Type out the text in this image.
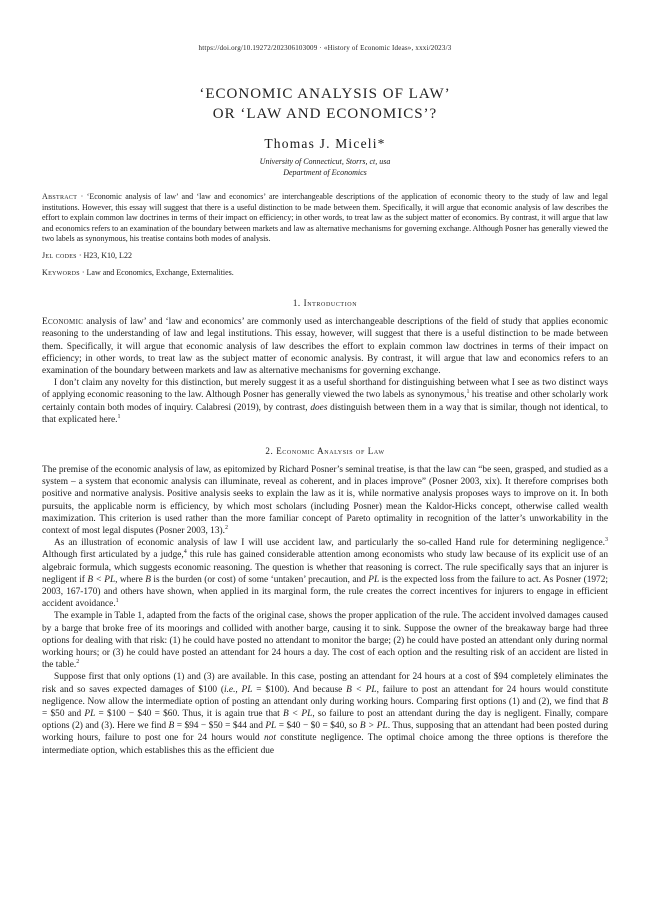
https://doi.org/10.19272/202306103009 · «History of Economic Ideas», xxxi/2023/3
‘ECONOMIC ANALYSIS OF LAW’
OR ‘LAW AND ECONOMICS’?
Thomas J. Miceli*
University of Connecticut, Storrs, ct, usa
Department of Economics
Abstract · ‘Economic analysis of law’ and ‘law and economics’ are interchangeable descriptions of the application of economic theory to the study of law and legal institutions. However, this essay will suggest that there is a useful distinction to be made between them. Specifically, it will argue that economic analysis of law describes the effort to explain common law doctrines in terms of their impact on efficiency; in other words, to treat law as the subject matter of economics. By contrast, it will argue that law and economics refers to an examination of the boundary between markets and law as alternative mechanisms for governing exchange. Although Posner has generally viewed the two labels as synonymous, his treatise contains both modes of analysis.
Jel codes · H23, K10, L22
Keywords · Law and Economics, Exchange, Externalities.
1. Introduction

Economic analysis of law’ and ‘law and economics’ are commonly used as interchangeable descriptions of the field of study that applies economic reasoning to the understanding of law and legal institutions. This essay, however, will suggest that there is a useful distinction to be made between them. Specifically, it will argue that economic analysis of law describes the effort to explain common law doctrines in terms of their impact on efficiency; in other words, to treat law as the subject matter of economic analysis. By contrast, it will argue that law and economics refers to an examination of the boundary between markets and law as alternative mechanisms for governing exchange.

I don’t claim any novelty for this distinction, but merely suggest it as a useful shorthand for distinguishing between what I see as two distinct ways of applying economic reasoning to the law. Although Posner has generally viewed the two labels as synonymous,$^1$ his treatise and other scholarly work certainly contain both modes of inquiry. Calabresi (2019), by contrast, does distinguish between them in a way that is similar, though not identical, to that explicated here.$^1$

2. Economic Analysis of Law

The premise of the economic analysis of law, as epitomized by Richard Posner’s seminal treatise, is that the law can “be seen, grasped, and studied as a system – a system that economic analysis can illuminate, reveal as coherent, and in places improve” (Posner 2003, xix). It therefore comprises both positive and normative analysis. Positive analysis seeks to explain the law as it is, while normative analysis proposes ways to improve on it. In both pursuits, the applicable norm is efficiency, by which most scholars (including Posner) mean the Kaldor-Hicks concept, otherwise called wealth maximization. This criterion is used rather than the more familiar concept of Pareto optimality in recognition of the latter’s unworkability in the context of most legal disputes (Posner 2003, 13).$^2$

As an illustration of economic analysis of law I will use accident law, and particularly the so-called Hand rule for determining negligence.$^3$ Although first articulated by a judge,$^4$ this rule has gained considerable attention among economists who study law because of its explicit use of an algebraic formula, which suggests economic reasoning. The question is whether that reasoning is correct. The rule specifically says that an injurer is negligent if B < PL, where B is the burden (or cost) of some ‘untaken’ precaution, and PL is the expected loss from the failure to act. As Posner (1972; 2003, 167-170) and others have shown, when applied in its marginal form, the rule creates the correct incentives for injurers to engage in efficient accident avoidance.$^1$

The example in Table 1, adapted from the facts of the original case, shows the proper application of the rule. The accident involved damages caused by a barge that broke free of its moorings and collided with another barge, causing it to sink. Suppose the owner of the breakaway barge had three options for dealing with that risk: (1) he could have posted no attendant to monitor the barge; (2) he could have posted an attendant only during normal working hours; or (3) he could have posted an attendant for 24 hours a day. The cost of each option and the resulting risk of an accident are listed in the table.$^2$

Suppose first that only options (1) and (3) are available. In this case, posting an attendant for 24 hours at a cost of $94 completely eliminates the risk and so saves expected damages of $100 (i.e., PL = $100). And because B < PL, failure to post an attendant for 24 hours would constitute negligence. Now allow the intermediate option of posting an attendant only during working hours. Comparing first options (1) and (2), we find that B = $50 and PL = $100 − $40 = $60. Thus, it is again true that B < PL, so failure to post an attendant during the day is negligent. Finally, compare options (2) and (3). Here we find B = $94 − $50 = $44 and PL = $40 − $0 = $40, so B > PL. Thus, supposing that an attendant had been posted during working hours, failure to post one for 24 hours would not constitute negligence. The optimal choice among the three options is therefore the intermediate option, which establishes this as the efficient due
